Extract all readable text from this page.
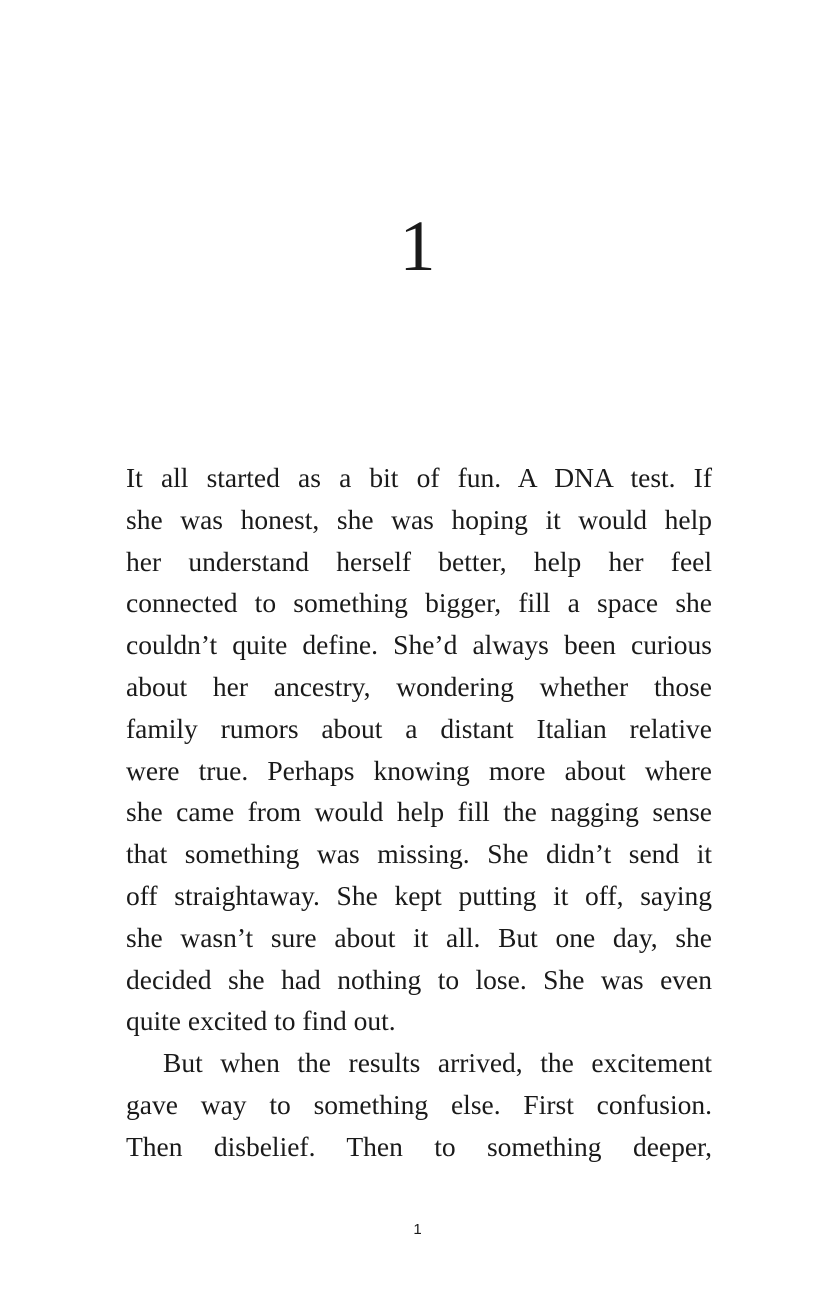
1
It all started as a bit of fun. A DNA test. If
she was honest, she was hoping it would help
her understand herself better, help her feel
connected to something bigger, fill a space she
couldn’t quite define. She’d always been curious
about her ancestry, wondering whether those
family rumors about a distant Italian relative
were true. Perhaps knowing more about where
she came from would help fill the nagging sense
that something was missing. She didn’t send it
off straightaway. She kept putting it off, saying
she wasn’t sure about it all. But one day, she
decided she had nothing to lose. She was even
quite excited to find out.
But when the results arrived, the excitement
gave way to something else. First confusion.
Then disbelief. Then to something deeper,
1
